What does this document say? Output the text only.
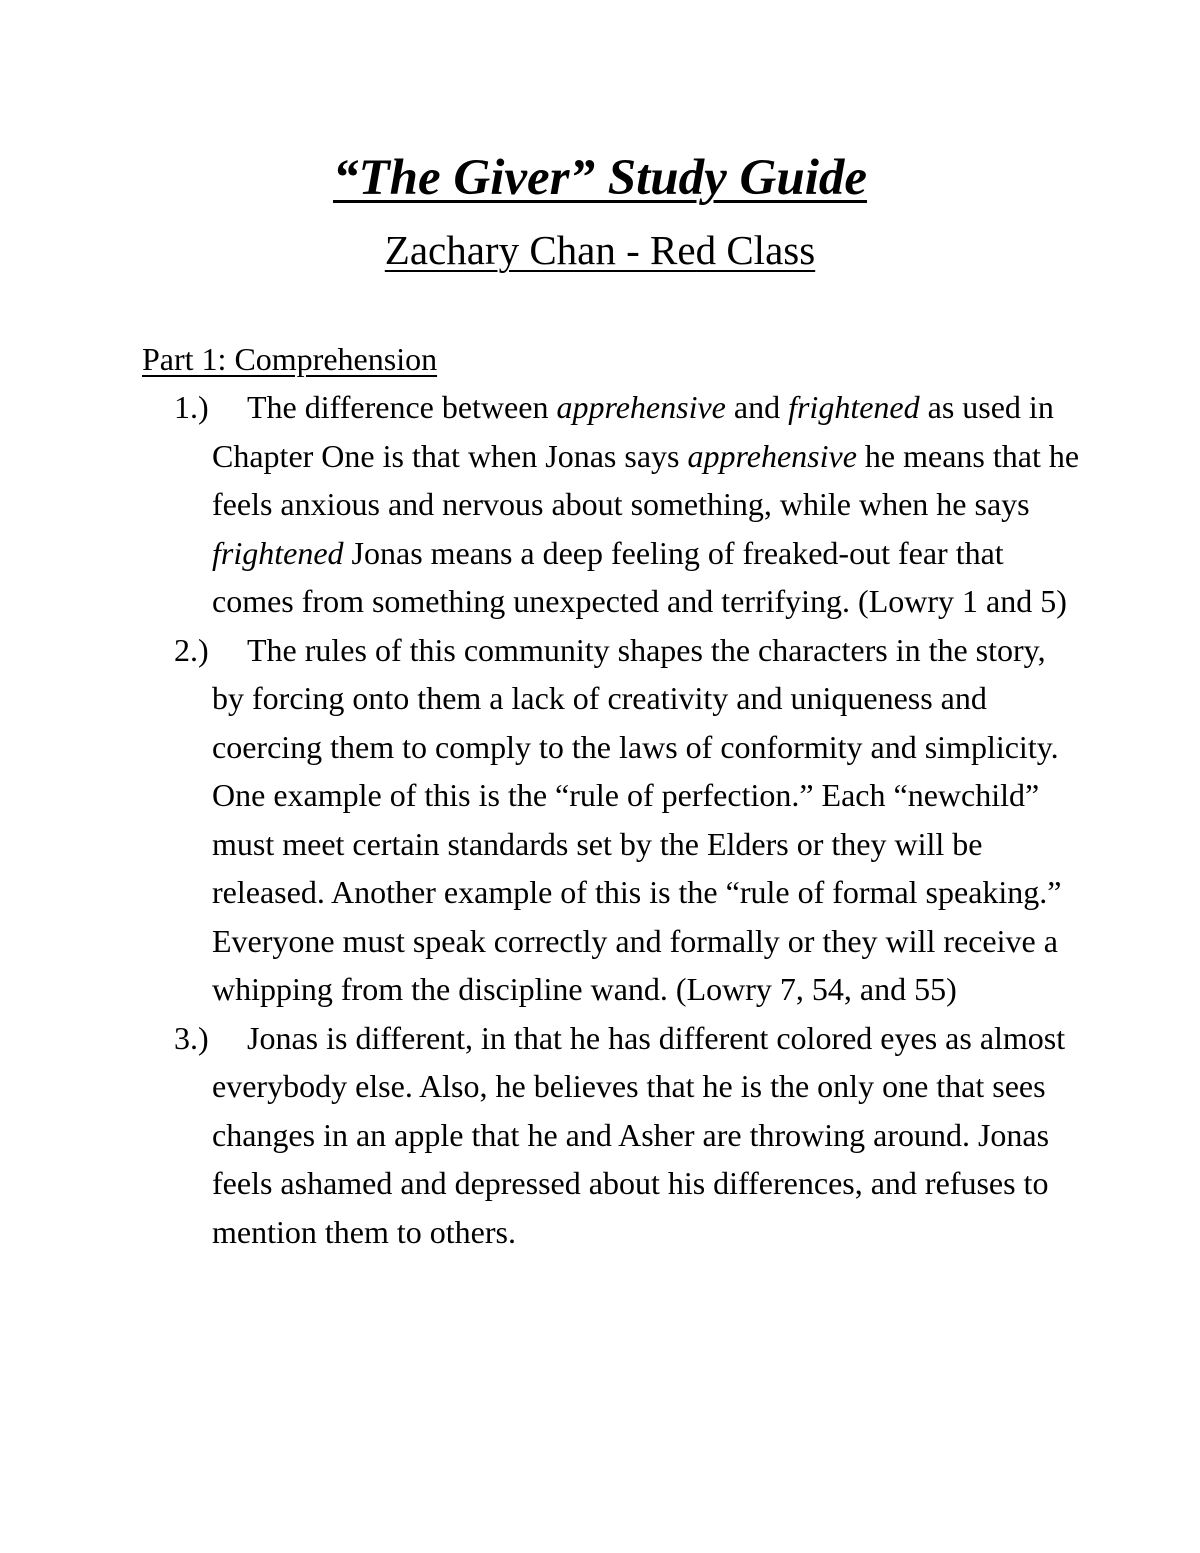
“The Giver” Study Guide
Zachary Chan - Red Class
Part 1: Comprehension
1.)	The difference between apprehensive and frightened as used in Chapter One is that when Jonas says apprehensive he means that he feels anxious and nervous about something, while when he says frightened Jonas means a deep feeling of freaked-out fear that comes from something unexpected and terrifying. (Lowry 1 and 5)
2.)	The rules of this community shapes the characters in the story, by forcing onto them a lack of creativity and uniqueness and coercing them to comply to the laws of conformity and simplicity. One example of this is the “rule of perfection.” Each “newchild” must meet certain standards set by the Elders or they will be released. Another example of this is the “rule of formal speaking.” Everyone must speak correctly and formally or they will receive a whipping from the discipline wand. (Lowry 7, 54, and 55)
3.)	Jonas is different, in that he has different colored eyes as almost everybody else. Also, he believes that he is the only one that sees changes in an apple that he and Asher are throwing around. Jonas feels ashamed and depressed about his differences, and refuses to mention them to others.
